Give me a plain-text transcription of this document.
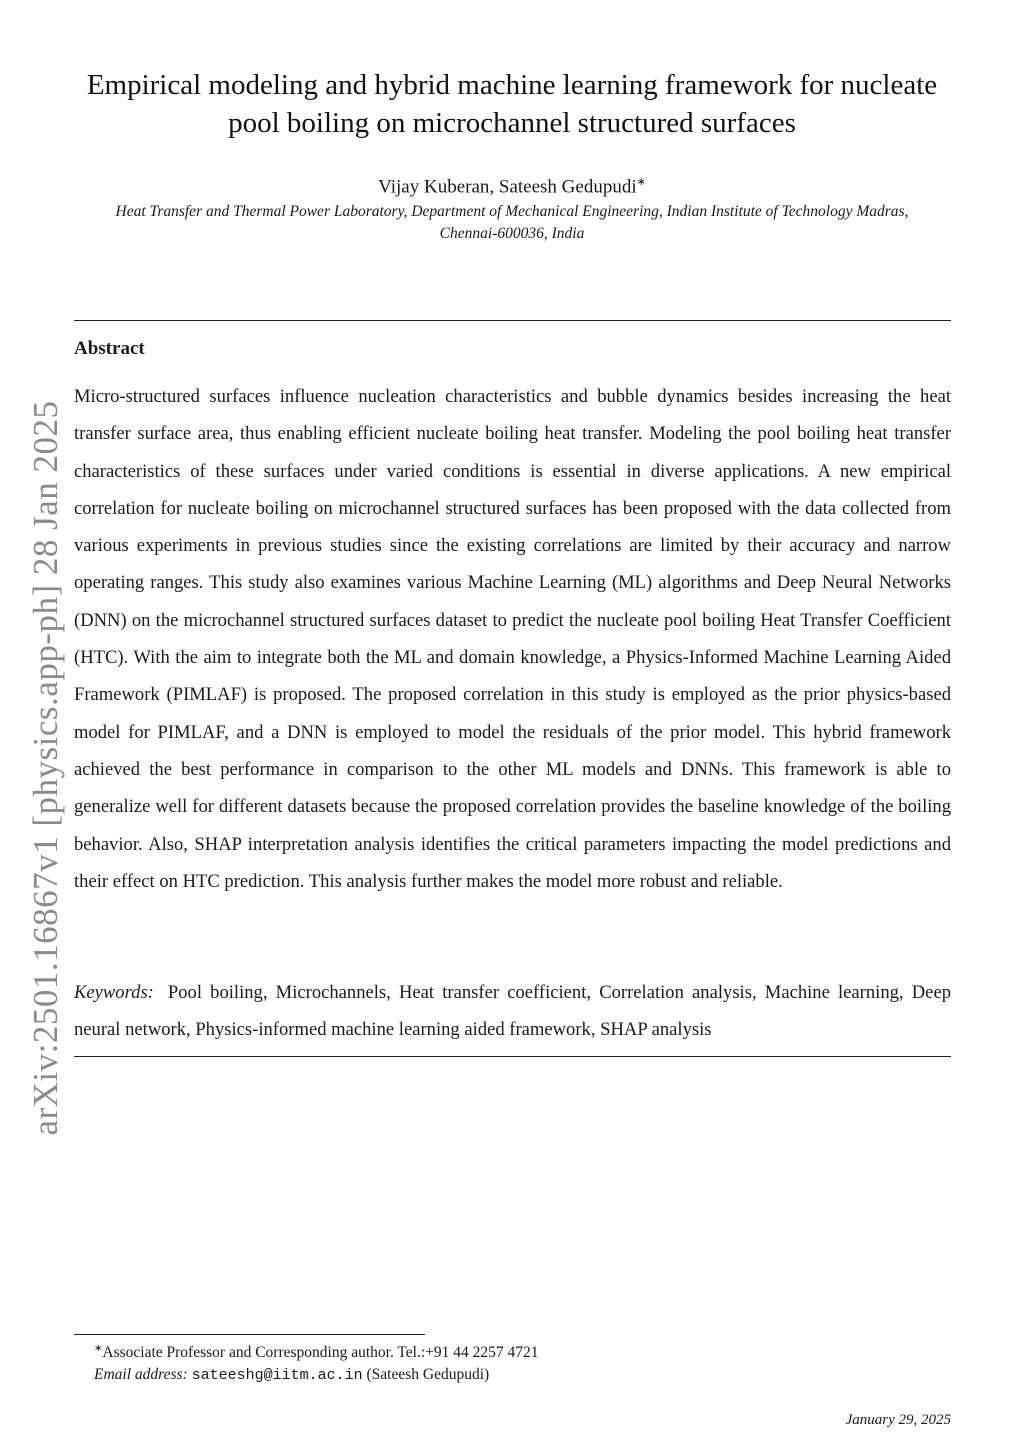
arXiv:2501.16867v1 [physics.app-ph] 28 Jan 2025
Empirical modeling and hybrid machine learning framework for nucleate
pool boiling on microchannel structured surfaces
Vijay Kuberan, Sateesh Gedupudi∗
Heat Transfer and Thermal Power Laboratory, Department of Mechanical Engineering, Indian Institute of Technology Madras, Chennai-600036, India
Abstract

Micro-structured surfaces influence nucleation characteristics and bubble dynamics besides increasing the heat transfer surface area, thus enabling efficient nucleate boiling heat transfer. Modeling the pool boiling heat transfer characteristics of these surfaces under varied conditions is essential in diverse applications. A new empirical correlation for nucleate boiling on microchannel structured surfaces has been proposed with the data collected from various experiments in previous studies since the existing correlations are limited by their accuracy and narrow operating ranges. This study also examines various Machine Learning (ML) algorithms and Deep Neural Networks (DNN) on the microchannel structured surfaces dataset to predict the nucleate pool boiling Heat Transfer Coefficient (HTC). With the aim to integrate both the ML and domain knowledge, a Physics-Informed Machine Learning Aided Framework (PIMLAF) is proposed. The proposed correlation in this study is employed as the prior physics-based model for PIMLAF, and a DNN is employed to model the residuals of the prior model. This hybrid framework achieved the best performance in comparison to the other ML models and DNNs. This framework is able to generalize well for different datasets because the proposed correlation provides the baseline knowledge of the boiling behavior. Also, SHAP interpretation analysis identifies the critical parameters impacting the model predictions and their effect on HTC prediction. This analysis further makes the model more robust and reliable.

Keywords: Pool boiling, Microchannels, Heat transfer coefficient, Correlation analysis, Machine learning, Deep neural network, Physics-informed machine learning aided framework, SHAP analysis

∗Associate Professor and Corresponding author. Tel.:+91 44 2257 4721
Email address: sateeshg@iitm.ac.in (Sateesh Gedupudi)
January 29, 2025
